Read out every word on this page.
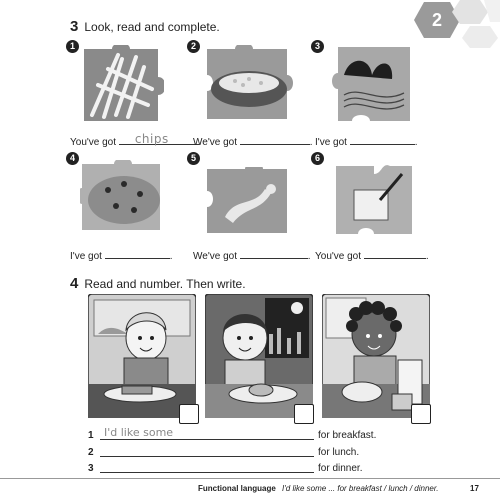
2
3 Look, read and complete.
1	2	3
You've got chips We've got	. I've got	.
4	5	6
I've got	. We've got	. You've got	.
4 Read and number. Then write.
1 I'd like some	for breakfast.
2	for lunch.
3	for dinner.
Functional language I'd like some ... for breakfast / lunch / dinner.	17
